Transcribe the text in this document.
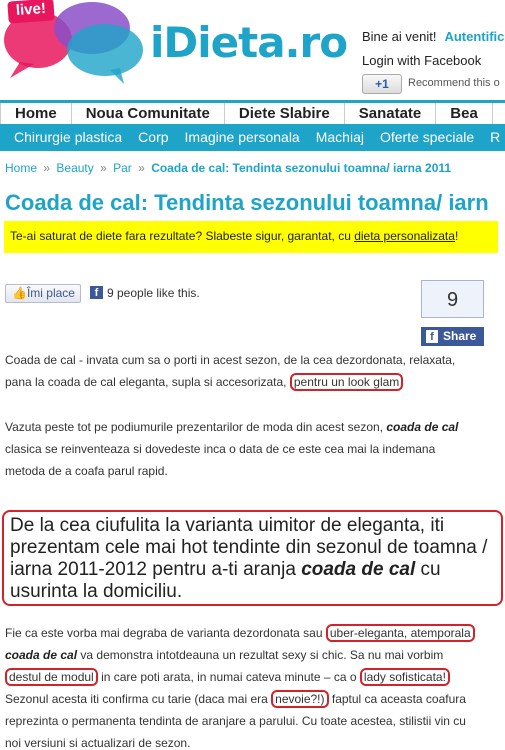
live!
iDieta.ro Bine ai venit! Autentific
Login with Facebook
+1	Recommend this o
Home	Noua Comunitate	Diete Slabire	Sanatate	Bea
Chirurgie plastica	Corp	Imagine personala	Machiaj	Oferte speciale	R
Home » Beauty » Par » Coada de cal: Tendinta sezonului toamna/ iarna 2011
Coada de cal: Tendinta sezonului toamna/ iarn
Te-ai saturat de diete fara rezultate? Slabeste sigur, garantat, cu dieta personalizata!
👍Îmi place	f 9 people like this.	9
f Share
Coada de cal - invata cum sa o porti in acest sezon, de la cea dezordonata, relaxata,
pana la coada de cal eleganta, supla si accesorizata, pentru un look glam
Vazuta peste tot pe podiumurile prezentarilor de moda din acest sezon, coada de cal
clasica se reinventeaza si dovedeste inca o data de ce este cea mai la indemana
metoda de a coafa parul rapid.
De la cea ciufulita la varianta uimitor de eleganta, iti prezentam cele mai hot tendinte din sezonul de toamna / iarna 2011-2012 pentru a-ti aranja coada de cal cu usurinta la domiciliu.
Fie ca este vorba mai degraba de varianta dezordonata sau uber-eleganta, atemporala
coada de cal va demonstra intotdeauna un rezultat sexy si chic. Sa nu mai vorbim
destul de modul in care poti arata, in numai cateva minute – ca o lady sofisticata!
Sezonul acesta iti confirma cu tarie (daca mai era nevoie?!) faptul ca aceasta coafura
reprezinta o permanenta tendinta de aranjare a parului. Cu toate acestea, stilistii vin cu
noi versiuni si actualizari de sezon.
